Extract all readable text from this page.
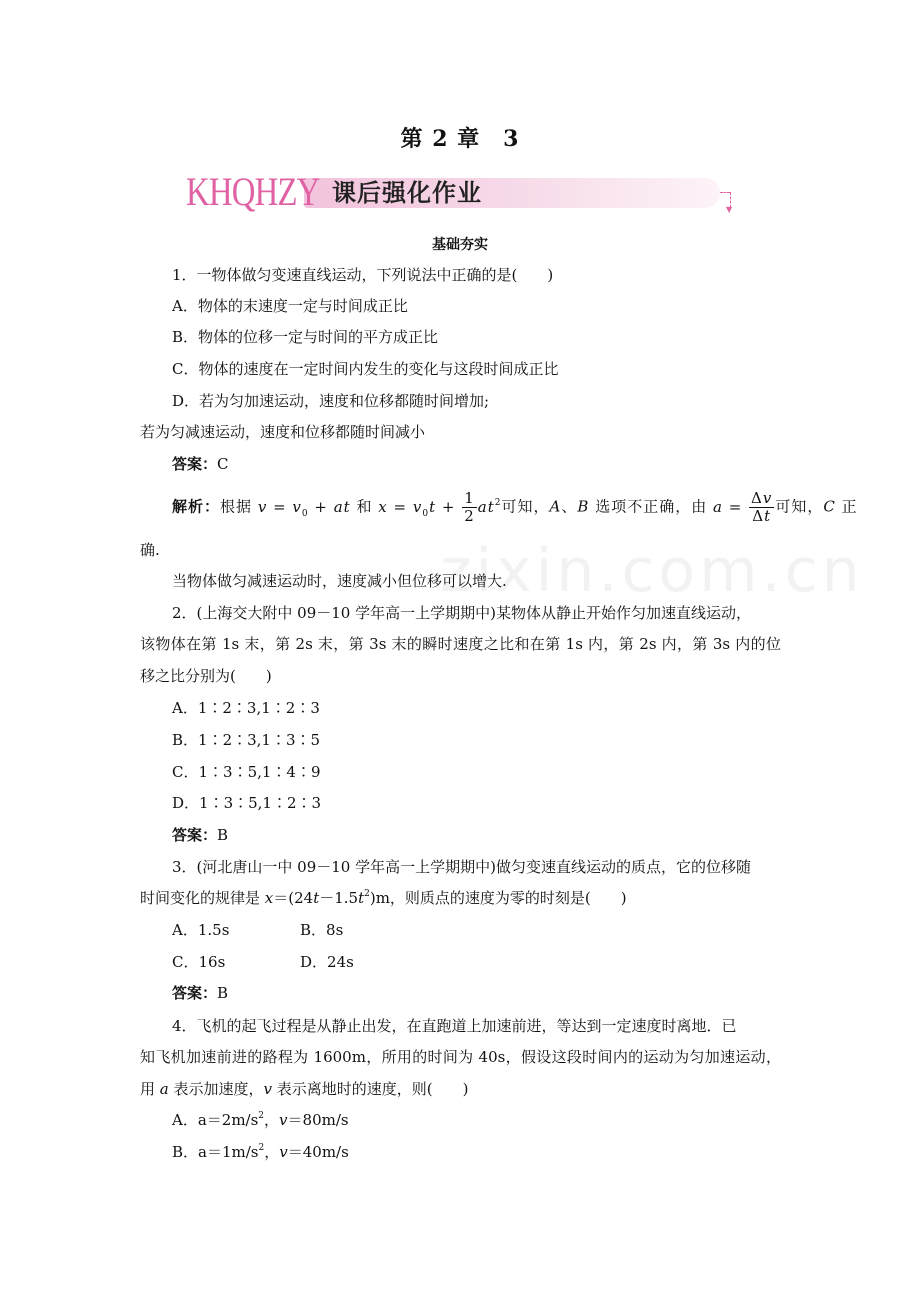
zixin.com.cn
第 2 章　3
KHQHZY 课后强化作业
▼
基础夯实
1．一物体做匀变速直线运动，下列说法中正确的是(　　)
A．物体的末速度一定与时间成正比
B．物体的位移一定与时间的平方成正比
C．物体的速度在一定时间内发生的变化与这段时间成正比
D．若为匀加速运动，速度和位移都随时间增加;
若为匀减速运动，速度和位移都随时间减小
答案：C
解析：根据 $v = v_0$ + at 和 $x = v_0t + \frac{1}{2} at^2$可知，A、B 选项不正确，由 $a = \frac{\Delta v}{\Delta t}$ 可知，C 正
确.
当物体做匀减速运动时，速度减小但位移可以增大.
2．(上海交大附中 09－10 学年高一上学期期中)某物体从静止开始作匀加速直线运动，
该物体在第 1s 末，第 2s 末，第 3s 末的瞬时速度之比和在第 1s 内，第 2s 内，第 3s 内的位
移之比分别为(　　)
A．1∶2∶3,1∶2∶3
B．1∶2∶3,1∶3∶5
C．1∶3∶5,1∶4∶9
D．1∶3∶5,1∶2∶3
答案：B
3．(河北唐山一中 09－10 学年高一上学期期中)做匀变速直线运动的质点，它的位移随
时间变化的规律是 $x=(24t-1.5t^2)m$，则质点的速度为零的时刻是(　　)
A．1.5s	B．8s
C．16s	D．24s
答案：B
4．飞机的起飞过程是从静止出发，在直跑道上加速前进，等达到一定速度时离地．已
知飞机加速前进的路程为 1600m，所用的时间为 40s，假设这段时间内的运动为匀加速运动，
用 a 表示加速度，v 表示离地时的速度，则(　　)
A．$a=2m/s^2$，v＝80m/s
B．$a=1m/s^2$，v＝40m/s
